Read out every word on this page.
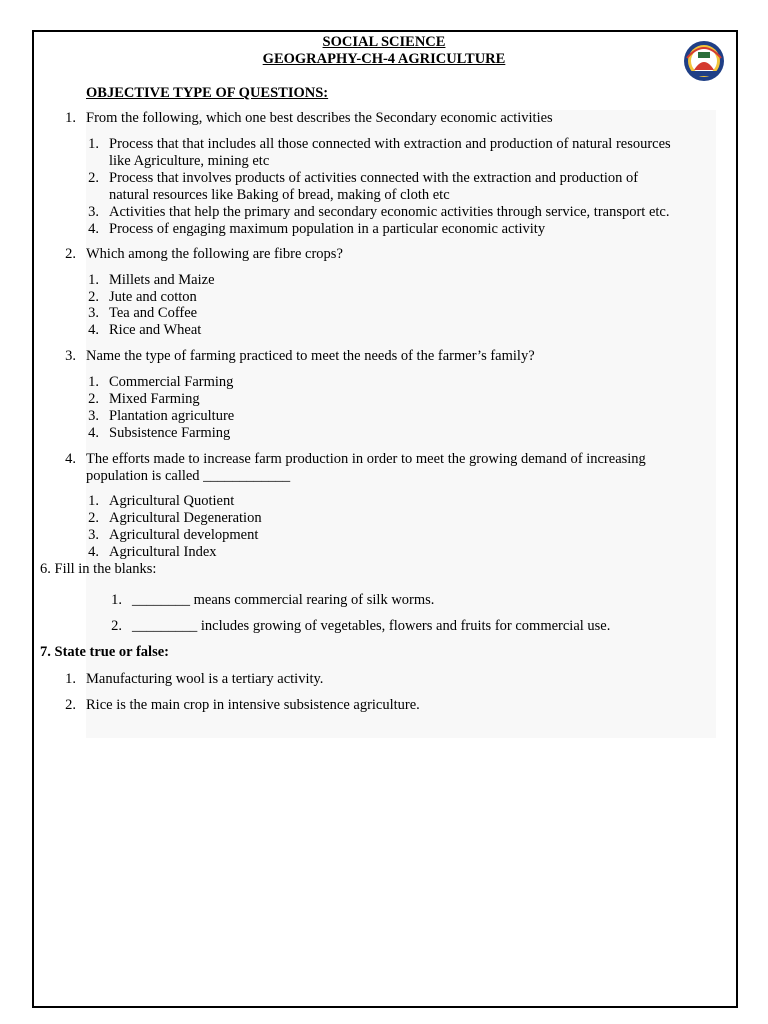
SOCIAL SCIENCE
GEOGRAPHY-CH-4 AGRICULTURE
OBJECTIVE TYPE OF QUESTIONS:
1. From the following, which one best describes the Secondary economic activities
1. Process that that includes all those connected with extraction and production of natural resources
like Agriculture, mining etc
2. Process that involves products of activities connected with the extraction and production of
natural resources like Baking of bread, making of cloth etc
3. Activities that help the primary and secondary economic activities through service, transport etc.
4. Process of engaging maximum population in a particular economic activity
2. Which among the following are fibre crops?
1. Millets and Maize
2. Jute and cotton
3. Tea and Coffee
4. Rice and Wheat
3. Name the type of farming practiced to meet the needs of the farmer’s family?
1. Commercial Farming
2. Mixed Farming
3. Plantation agriculture
4. Subsistence Farming
4. The efforts made to increase farm production in order to meet the growing demand of increasing
population is called ____________
1. Agricultural Quotient
2. Agricultural Degeneration
3. Agricultural development
4. Agricultural Index
6. Fill in the blanks:
1. ________ means commercial rearing of silk worms.
2. _________ includes growing of vegetables, flowers and fruits for commercial use.
7. State true or false:
1. Manufacturing wool is a tertiary activity.
2. Rice is the main crop in intensive subsistence agriculture.
